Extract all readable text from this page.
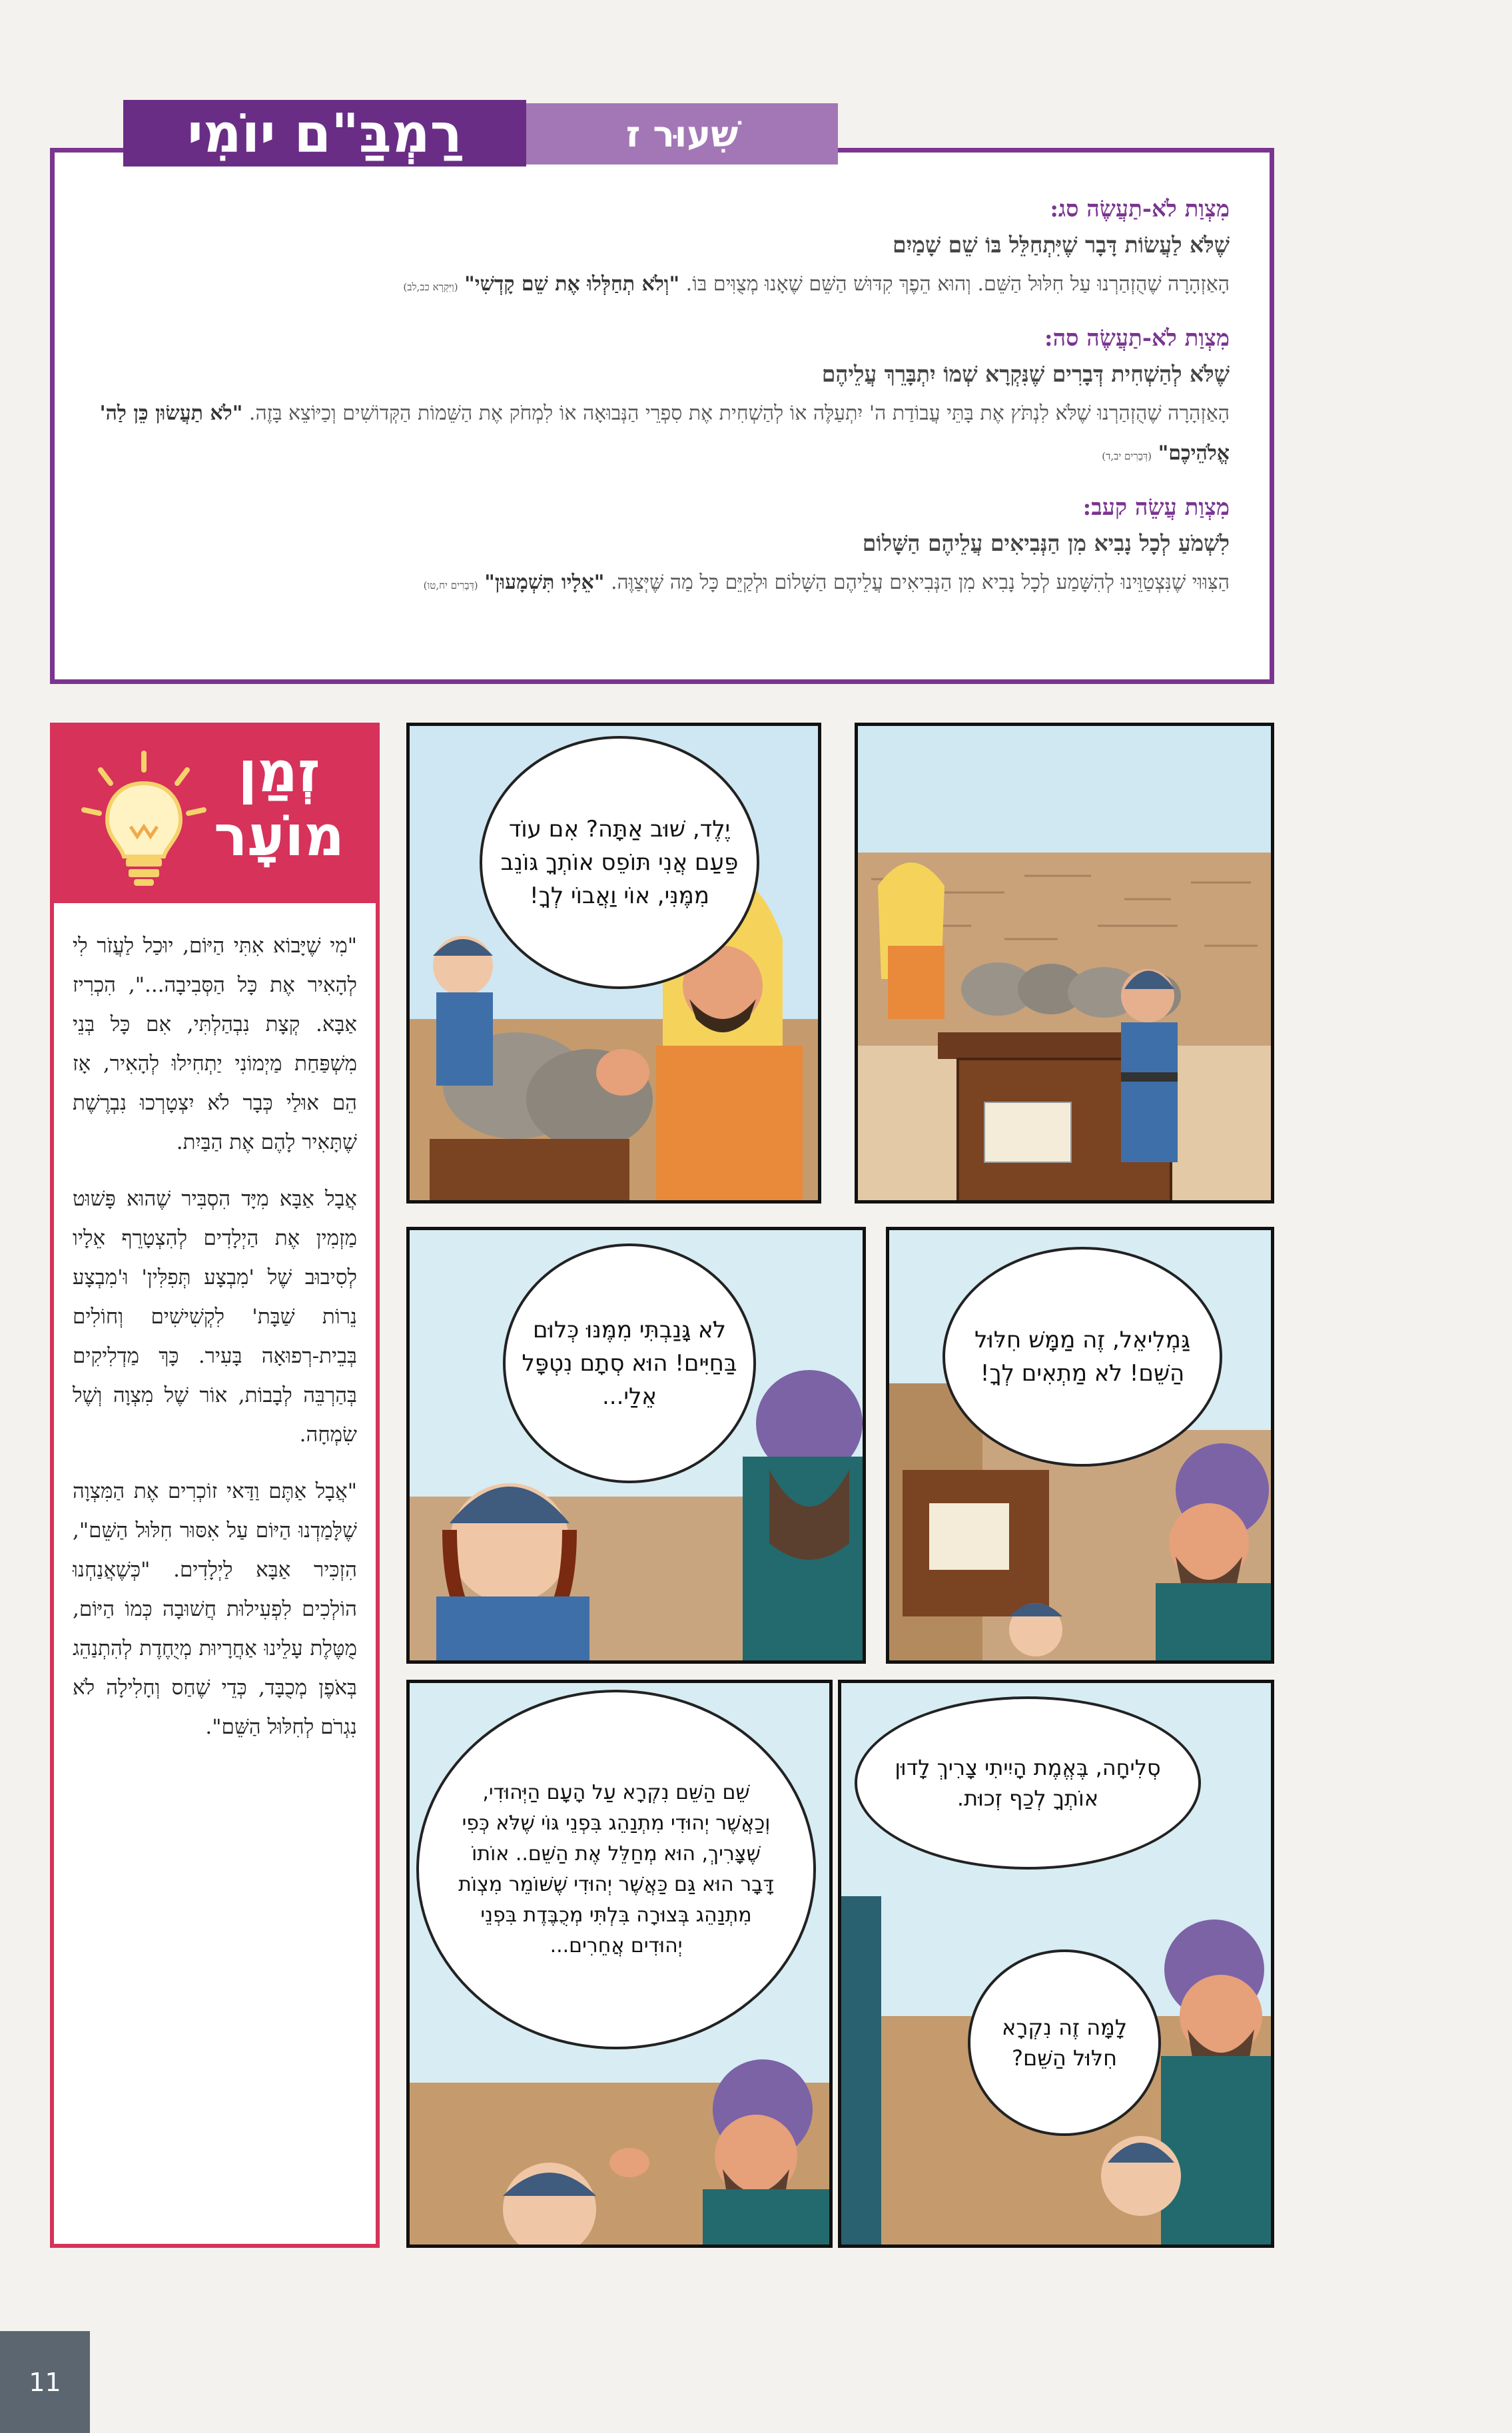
מִצְוַת לֹא-תַעֲשֶׂה סג:
שֶׁלֹּא לַעֲשׂוֹת דָּבָר שֶׁיִּתְחַלֵּל בּוֹ שֵׁם שָׁמַיִם
הָאַזְהָרָה שֶׁהֻזְהַרְנוּ עַל חִלּוּל הַשֵּׁם. וְהוּא הֵפֶךְ קִדּוּשׁ הַשֵּׁם שֶׁאָנוּ מְצֻוִּים בּוֹ. "וְלֹא תְחַלְּלוּ אֶת שֵׁם קָדְשִׁי" (וַיִּקְרָא כב,לב)
מִצְוַת לֹא-תַעֲשֶׂה סה:
שֶׁלֹּא לְהַשְׁחִית דְּבָרִים שֶׁנִּקְרָא שְׁמוֹ יִתְבָּרֵךְ עֲלֵיהֶם
הָאַזְהָרָה שֶׁהֻזְהַרְנוּ שֶׁלֹּא לִנְתֹּץ אֶת בָּתֵּי עֲבוֹדַת ה' יִתְעַלֶּה אוֹ לְהַשְׁחִית אֶת סִפְרֵי הַנְּבוּאָה אוֹ לִמְחֹק אֶת הַשֵּׁמוֹת הַקְּדוֹשִׁים וְכַיּוֹצֵא בָּזֶה. "לֹא תַעֲשׂוּן כֵּן לַה' אֱלֹהֵיכֶם" (דְּבָרִים יב,ד)
מִצְוַת עֲשֵׂה קעב:
לִשְׁמֹעַ לְכָל נָבִיא מִן הַנְּבִיאִים עֲלֵיהֶם הַשָּׁלוֹם
הַצִּוּוּי שֶׁנִּצְטַוֵּינוּ לְהִשָּׁמַע לְכָל נָבִיא מִן הַנְּבִיאִים עֲלֵיהֶם הַשָּׁלוֹם וּלְקַיֵּם כָּל מַה שֶּׁיְּצַוֶּה. "אֵלָיו תִּשְׁמָעוּן" (דְּבָרִים יח,טו)
רַמְבַּ"ם יוֹמִי	שִׁעוּר ז
זְמַן
מוֹעָר

"מִי שֶׁיָּבוֹא אִתִּי הַיּוֹם, יוּכַל לַעֲזֹר לִי לְהָאִיר אֶת כָּל הַסְּבִיבָה...", הִכְרִיז אַבָּא. קְצָת נִבְהַלְתִּי, אִם כָּל בְּנֵי מִשְׁפַּחַת מַיְמוֹנִי יַתְחִילוּ לְהָאִיר, אָז הֵם אוּלַי כְּבָר לֹא יִצְטָרְכוּ נִבְרֶשֶׁת שֶׁתָּאִיר לָהֶם אֶת הַבַּיִת.

אֲבָל אַבָּא מִיָּד הִסְבִּיר שֶׁהוּא פָּשׁוּט מַזְמִין אֶת הַיְלָדִים לְהִצְטָרֵף אֵלָיו לְסִיבוּב שֶׁל 'מִבְצָע תְּפִלִּין' וּ'מִבְצָע נֵרוֹת שַׁבָּת' לִקְשִׁישִׁים וְחוֹלִים בְּבֵית-רְפוּאָה בָּעִיר. כָּךְ מַדְלִיקִים בְּהַרְבֵּה לְבָבוֹת, אוֹר שֶׁל מִצְוָה וְשֶׁל שִׂמְחָה.

"אֲבָל אַתֶּם וַדַּאי זוֹכְרִים אֶת הַמִּצְוָה שֶׁלָּמַדְנוּ הַיּוֹם עַל אִסּוּר חִלּוּל הַשֵּׁם", הִזְכִּיר אַבָּא לַיְלָדִים. "כְּשֶׁאֲנַחְנוּ הוֹלְכִים לִפְעִילוּת חֲשׁוּבָה כְּמוֹ הַיּוֹם, מֻטֶּלֶת עָלֵינוּ אַחֲרָיוּת מְיֻחֶדֶת לְהִתְנַהֵג בְּאֹפֶן מְכֻבָּד, כְּדֵי שֶׁחַס וְחָלִילָה לֹא נִגְרֹם לְחִלּוּל הַשֵּׁם".

יֶלֶד, שׁוּב אַתָּה? אִם עוֹד פַּעַם אֲנִי תּוֹפֵס אוֹתְךָ גּוֹנֵב מִמֶּנִּי, אוֹי וַאֲבוֹי לְךָ!
לֹא גָּנַבְתִּי מִמֶּנּוּ כְּלוּם בַּחַיִּים! הוּא סְתָם נִטְפָּל אֵלַי...
גַּמְלִיאֵל, זֶה מַמָּשׁ חִלּוּל הַשֵּׁם! לֹא מַתְאִים לְךָ!
שֵׁם הַשֵּׁם נִקְרָא עַל הָעָם הַיְּהוּדִי, וְכַאֲשֶׁר יְהוּדִי מִתְנַהֵג בִּפְנֵי גּוֹי שֶׁלֹּא כְּפִי שֶׁצָּרִיךְ, הוּא מְחַלֵּל אֶת הַשֵּׁם.. אוֹתוֹ דָּבָר הוּא גַּם כַּאֲשֶׁר יְהוּדִי שֶׁשּׁוֹמֵר מִצְוֹת מִתְנַהֵג בְּצוּרָה בִּלְתִּי מְכֻבֶּדֶת בִּפְנֵי יְהוּדִים אֲחֵרִים...
סְלִיחָה, בֶּאֱמֶת הָיִיתִי צָרִיךְ לָדוּן אוֹתְךָ לְכַף זְכוּת.
לָמָּה זֶה נִקְרָא חִלּוּל הַשֵּׁם?
11
